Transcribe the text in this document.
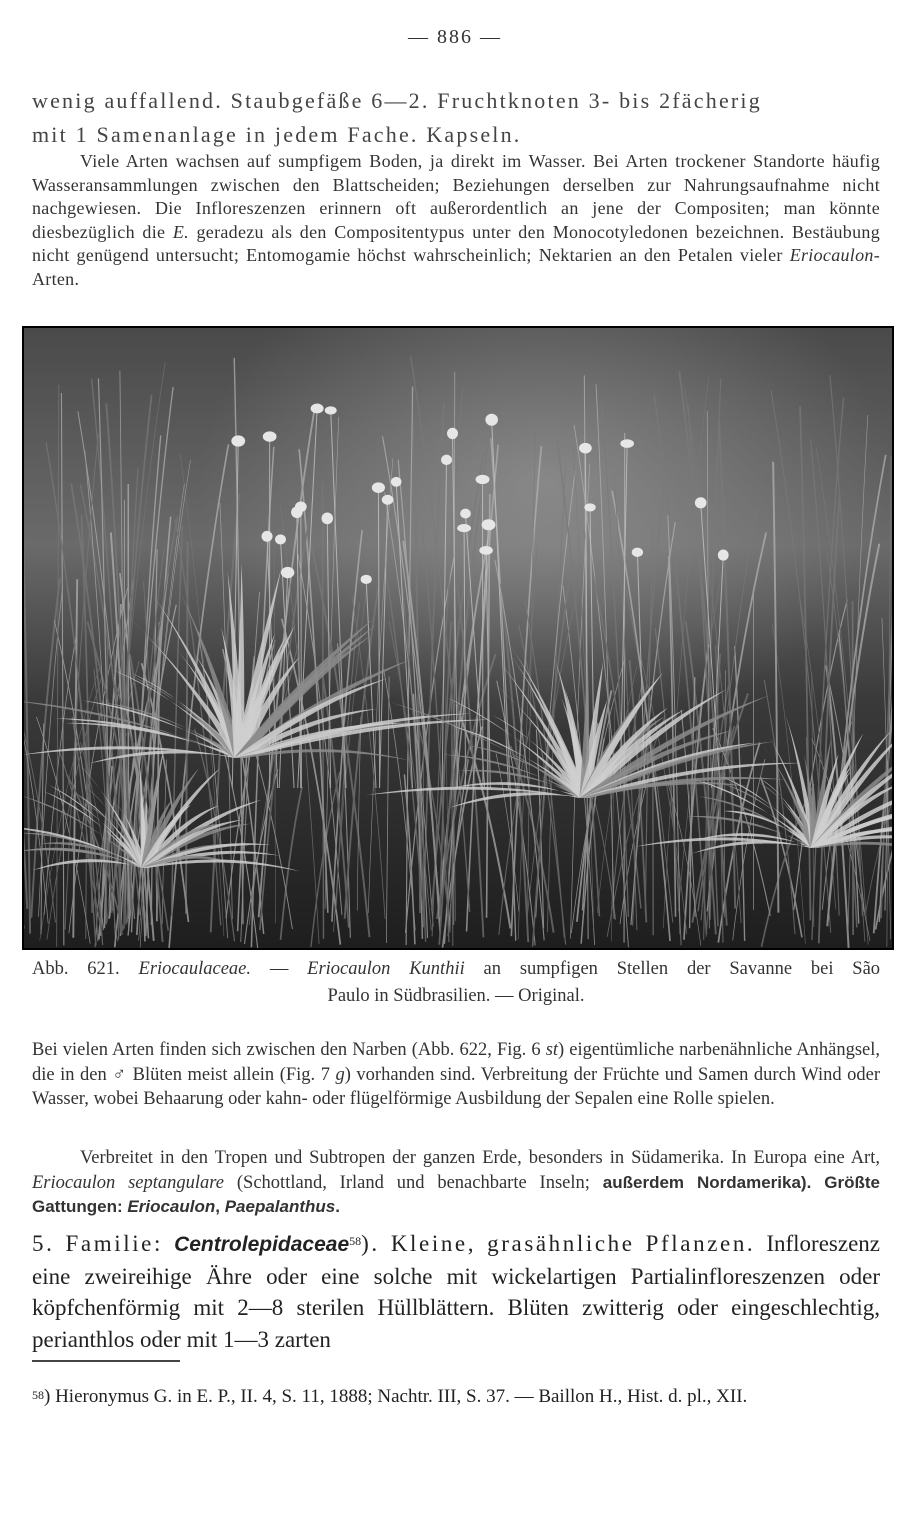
— 886 —
wenig auffallend. Staubgefäße 6—2. Fruchtknoten 3- bis 2fächerig
mit 1 Samenanlage in jedem Fache. Kapseln.
Viele Arten wachsen auf sumpfigem Boden, ja direkt im Wasser. Bei Arten trockener Standorte häufig Wasseransammlungen zwischen den Blattscheiden; Beziehungen derselben zur Nahrungsaufnahme nicht nachgewiesen. Die Infloreszenzen erinnern oft außerordentlich an jene der Compositen; man könnte diesbezüglich die E. geradezu als den Compositentypus unter den Monocotyledonen bezeichnen. Bestäubung nicht genügend untersucht; Entomogamie höchst wahrscheinlich; Nektarien an den Petalen vieler Eriocaulon-Arten.
Abb. 621. Eriocaulaceae. — Eriocaulon Kunthii an sumpfigen Stellen der Savanne bei São
Paulo in Südbrasilien. — Original.
Bei vielen Arten finden sich zwischen den Narben (Abb. 622, Fig. 6 st) eigentümliche narbenähnliche Anhängsel, die in den ♂ Blüten meist allein (Fig. 7 g) vorhanden sind. Verbreitung der Früchte und Samen durch Wind oder Wasser, wobei Behaarung oder kahn- oder flügelförmige Ausbildung der Sepalen eine Rolle spielen.
Verbreitet in den Tropen und Subtropen der ganzen Erde, besonders in Südamerika. In Europa eine Art, Eriocaulon septangulare (Schottland, Irland und benachbarte Inseln; außerdem Nordamerika). Größte Gattungen: Eriocaulon, Paepalanthus.
5. Familie: Centrolepidaceae$^{58}$). Kleine, grasähnliche Pflanzen. Infloreszenz eine zweireihige Ähre oder eine solche mit wickelartigen Partialinfloreszenzen oder köpfchenförmig mit 2—8 sterilen Hüllblättern. Blüten zwitterig oder eingeschlechtig, perianthlos oder mit 1—3 zarten
$^{58}$) Hieronymus G. in E. P., II. 4, S. 11, 1888; Nachtr. III, S. 37. — Baillon H., Hist. d. pl., XII.
